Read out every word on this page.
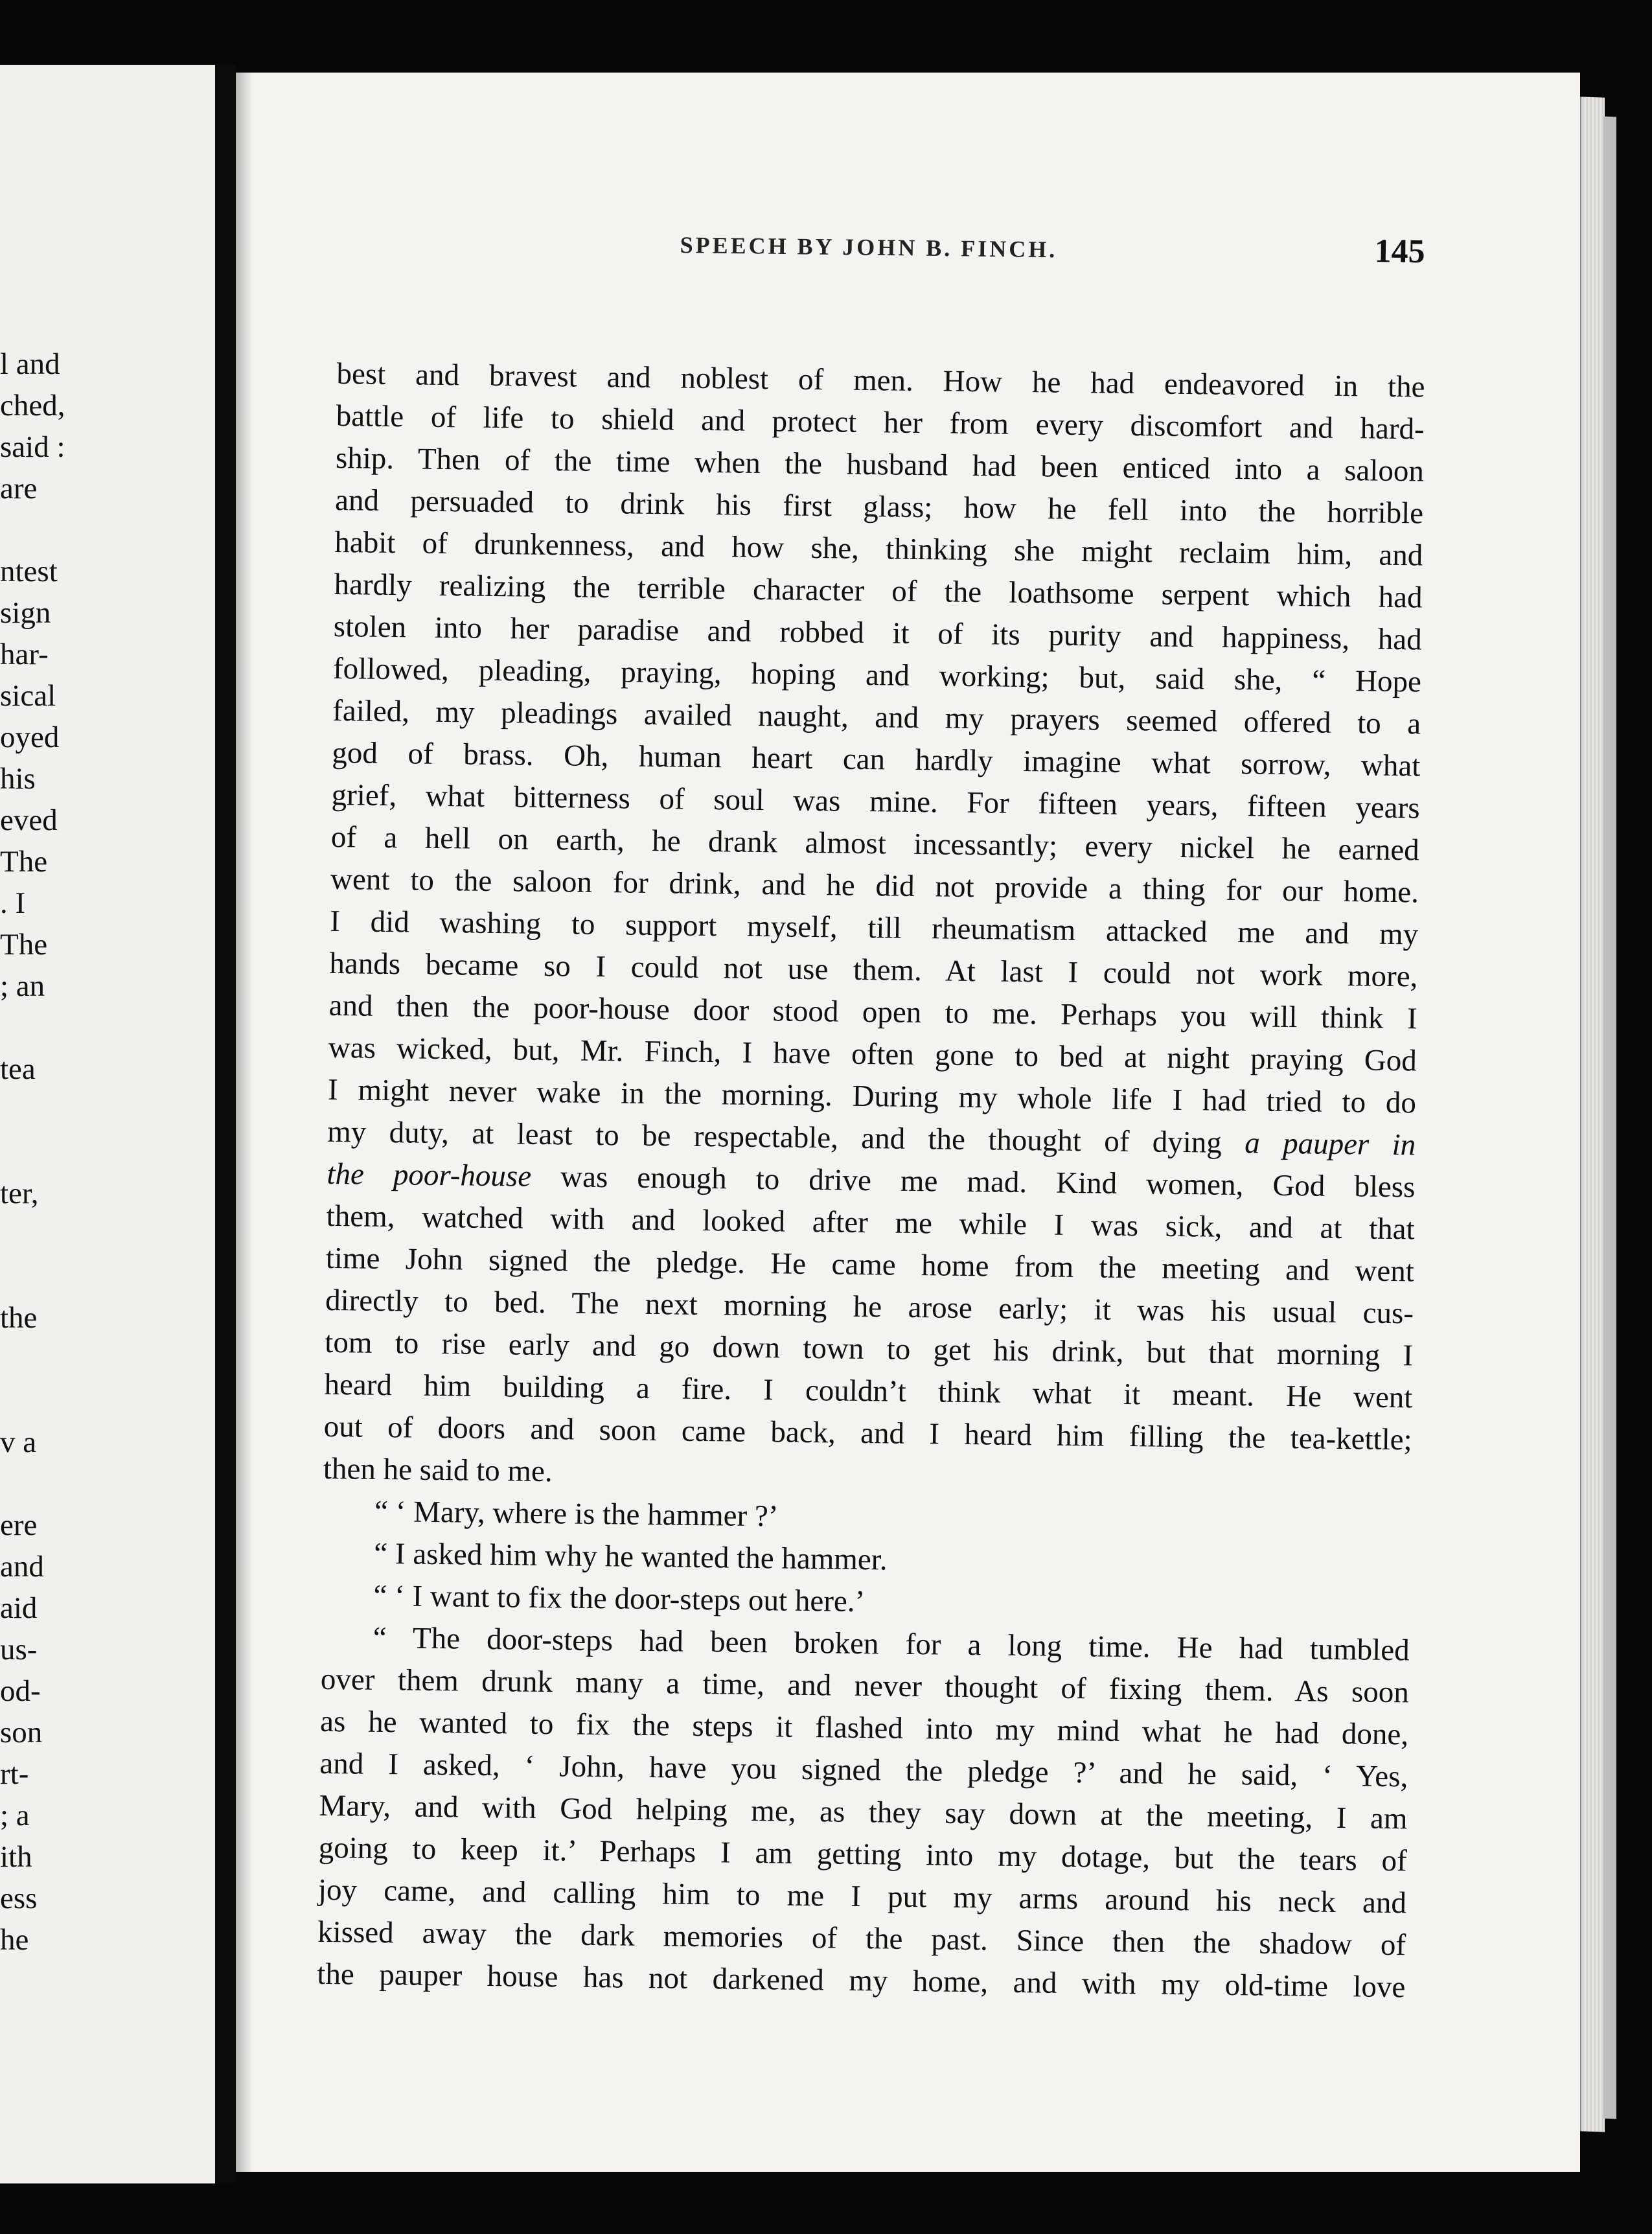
l and
ched,
said :
are
ntest
sign
har-
sical
oyed
his
eved
The
. I
The
; an
tea
ter,
the
v a
ere
and
aid
us-
od-
son
rt-
; a
ith
ess
he
SPEECH BY JOHN B. FINCH.	145
best and bravest and noblest of men. How he had endeavored in the
battle of life to shield and protect her from every discomfort and hard-
ship. Then of the time when the husband had been enticed into a saloon
and persuaded to drink his first glass; how he fell into the horrible
habit of drunkenness, and how she, thinking she might reclaim him, and
hardly realizing the terrible character of the loathsome serpent which had
stolen into her paradise and robbed it of its purity and happiness, had
followed, pleading, praying, hoping and working; but, said she, “ Hope
failed, my pleadings availed naught, and my prayers seemed offered to a
god of brass. Oh, human heart can hardly imagine what sorrow, what
grief, what bitterness of soul was mine. For fifteen years, fifteen years
of a hell on earth, he drank almost incessantly; every nickel he earned
went to the saloon for drink, and he did not provide a thing for our home.
I did washing to support myself, till rheumatism attacked me and my
hands became so I could not use them. At last I could not work more,
and then the poor-house door stood open to me. Perhaps you will think I
was wicked, but, Mr. Finch, I have often gone to bed at night praying God
I might never wake in the morning. During my whole life I had tried to do
my duty, at least to be respectable, and the thought of dying a pauper in
the poor-house was enough to drive me mad. Kind women, God bless
them, watched with and looked after me while I was sick, and at that
time John signed the pledge. He came home from the meeting and went
directly to bed. The next morning he arose early; it was his usual cus-
tom to rise early and go down town to get his drink, but that morning I
heard him building a fire. I couldn’t think what it meant. He went
out of doors and soon came back, and I heard him filling the tea-kettle;
then he said to me.
“ ‘ Mary, where is the hammer ?’
“ I asked him why he wanted the hammer.
“ ‘ I want to fix the door-steps out here.’
“ The door-steps had been broken for a long time. He had tumbled
over them drunk many a time, and never thought of fixing them. As soon
as he wanted to fix the steps it flashed into my mind what he had done,
and I asked, ‘ John, have you signed the pledge ?’ and he said, ‘ Yes,
Mary, and with God helping me, as they say down at the meeting, I am
going to keep it.’ Perhaps I am getting into my dotage, but the tears of
joy came, and calling him to me I put my arms around his neck and
kissed away the dark memories of the past. Since then the shadow of
the pauper house has not darkened my home, and with my old-time love
